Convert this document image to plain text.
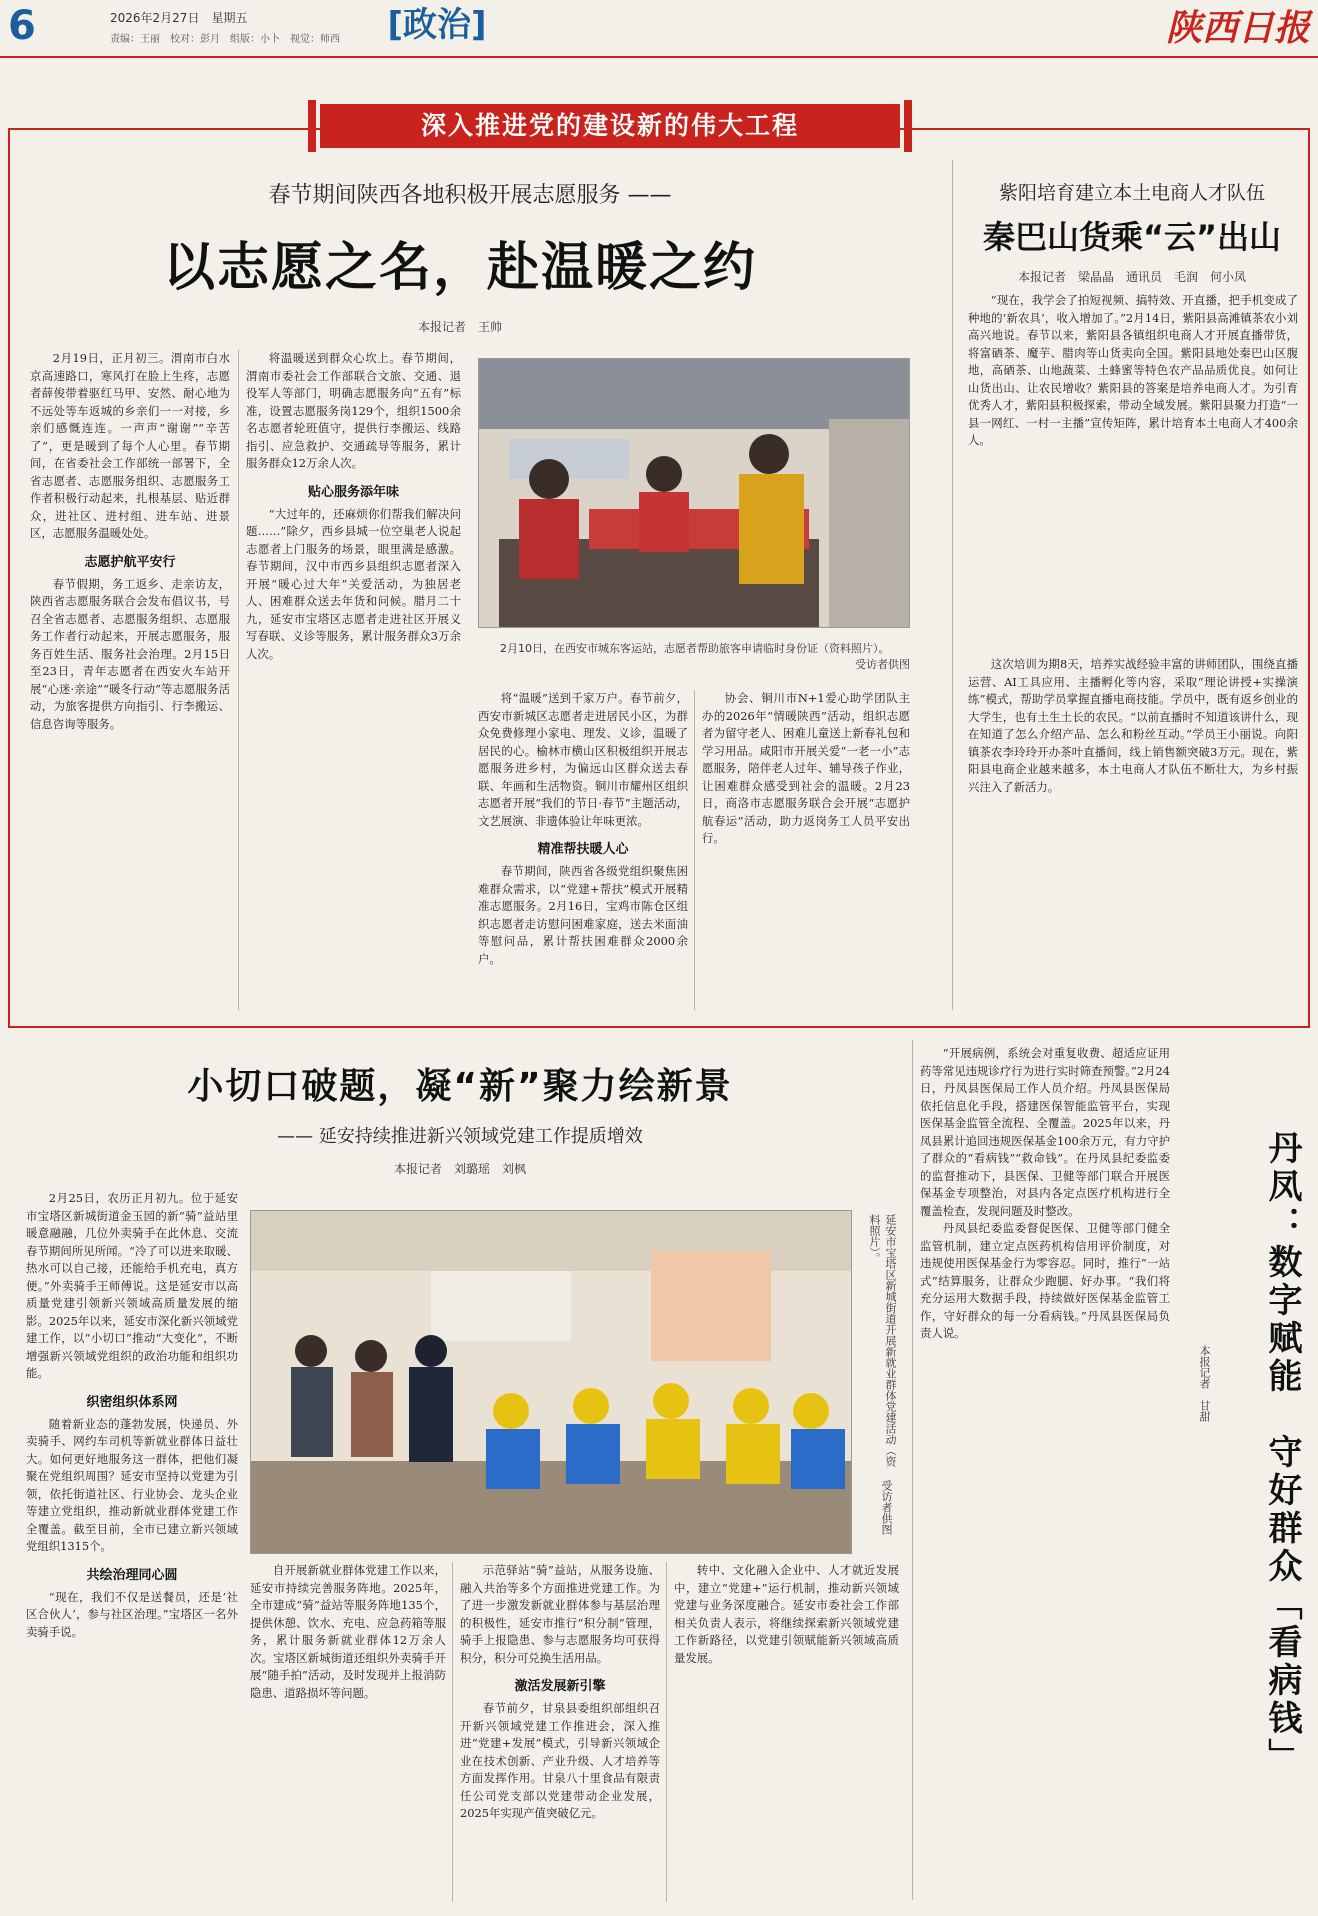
6	2026年2月27日　星期五
责编：王丽　校对：彭月　组版：小卜　视觉：师西 [政治]	陕西日报
深入推进党的建设新的伟大工程
春节期间陕西各地积极开展志愿服务 ——
以志愿之名，赴温暖之约
本报记者　王帅

2月19日，正月初三。渭南市白水京高速路口，寒风打在脸上生疼，志愿者薛俊带着驱红马甲、安然、耐心地为不远处等车返城的乡亲们一一对接，乡亲们感慨连连。一声声“谢谢”“辛苦了”，更是暖到了每个人心里。春节期间，在省委社会工作部统一部署下，全省志愿者、志愿服务组织、志愿服务工作者积极行动起来，扎根基层、贴近群众，进社区、进村组、进车站、进景区，志愿服务温暖处处。

志愿护航平安行

春节假期，务工返乡、走亲访友，陕西省志愿服务联合会发布倡议书，号召全省志愿者、志愿服务组织、志愿服务工作者行动起来，开展志愿服务，服务百姓生活、服务社会治理。2月15日至23日，青年志愿者在西安火车站开展“心迷·亲途”“暖冬行动”等志愿服务活动，为旅客提供方向指引、行李搬运、信息咨询等服务。

将温暖送到群众心坎上。春节期间，渭南市委社会工作部联合文旅、交通、退役军人等部门，明确志愿服务向“五有”标准，设置志愿服务岗129个，组织1500余名志愿者轮班值守，提供行李搬运、线路指引、应急救护、交通疏导等服务，累计服务群众12万余人次。

贴心服务添年味

“大过年的，还麻烦你们帮我们解决问题……”除夕，西乡县城一位空巢老人说起志愿者上门服务的场景，眼里满是感激。春节期间，汉中市西乡县组织志愿者深入开展“暖心过大年”关爱活动，为独居老人、困难群众送去年货和问候。腊月二十九，延安市宝塔区志愿者走进社区开展义写春联、义诊等服务，累计服务群众3万余人次。	2月10日，在西安市城东客运站，志愿者帮助旅客申请临时身份证（资料照片）。
受访者供图

将“温暖”送到千家万户。春节前夕，西安市新城区志愿者走进居民小区，为群众免费修理小家电、理发、义诊，温暖了居民的心。榆林市横山区积极组织开展志愿服务进乡村，为偏远山区群众送去春联、年画和生活物资。铜川市耀州区组织志愿者开展“我们的节日·春节”主题活动，文艺展演、非遗体验让年味更浓。

精准帮扶暖人心

春节期间，陕西省各级党组织聚焦困难群众需求，以“党建+帮扶”模式开展精准志愿服务。2月16日，宝鸡市陈仓区组织志愿者走访慰问困难家庭，送去米面油等慰问品，累计帮扶困难群众2000余户。

协会、铜川市N+1爱心助学团队主办的2026年“情暖陕西”活动，组织志愿者为留守老人、困难儿童送上新春礼包和学习用品。咸阳市开展关爱“一老一小”志愿服务，陪伴老人过年、辅导孩子作业，让困难群众感受到社会的温暖。2月23日，商洛市志愿服务联合会开展“志愿护航春运”活动，助力返岗务工人员平安出行。

紫阳培育建立本土电商人才队伍
秦巴山货乘“云”出山
本报记者　梁晶晶　通讯员　毛润　何小凤

“现在，我学会了拍短视频、搞特效、开直播，把手机变成了种地的‘新农具’，收入增加了。”2月14日，紫阳县高滩镇茶农小刘高兴地说。春节以来，紫阳县各镇组织电商人才开展直播带货，将富硒茶、魔芋、腊肉等山货卖向全国。紫阳县地处秦巴山区腹地，高硒茶、山地蔬菜、土蜂蜜等特色农产品品质优良。如何让山货出山、让农民增收？紫阳县的答案是培养电商人才。为引育优秀人才，紫阳县积极探索，带动全域发展。紫阳县聚力打造“一县一网红、一村一主播”宣传矩阵，累计培育本土电商人才400余人。

这次培训为期8天，培养实战经验丰富的讲师团队，围绕直播运营、AI工具应用、主播孵化等内容，采取“理论讲授+实操演练”模式，帮助学员掌握直播电商技能。学员中，既有返乡创业的大学生，也有土生土长的农民。“以前直播时不知道该讲什么，现在知道了怎么介绍产品、怎么和粉丝互动。”学员王小丽说。向阳镇茶农李玲玲开办茶叶直播间，线上销售额突破3万元。现在，紫阳县电商企业越来越多，本土电商人才队伍不断壮大，为乡村振兴注入了新活力。

小切口破题，凝“新”聚力绘新景
—— 延安持续推进新兴领域党建工作提质增效
本报记者　刘璐瑶　刘枫

2月25日，农历正月初九。位于延安市宝塔区新城街道金玉园的新“骑”益站里暖意融融，几位外卖骑手在此休息、交流春节期间所见所闻。“冷了可以进来取暖、热水可以自己接，还能给手机充电，真方便。”外卖骑手王师傅说。这是延安市以高质量党建引领新兴领域高质量发展的缩影。2025年以来，延安市深化新兴领域党建工作，以“小切口”推动“大变化”，不断增强新兴领域党组织的政治功能和组织功能。

织密组织体系网

随着新业态的蓬勃发展，快递员、外卖骑手、网约车司机等新就业群体日益壮大。如何更好地服务这一群体，把他们凝聚在党组织周围？延安市坚持以党建为引领，依托街道社区、行业协会、龙头企业等建立党组织，推动新就业群体党建工作全覆盖。截至目前，全市已建立新兴领域党组织1315个。

共绘治理同心圆

“现在，我们不仅是送餐员，还是‘社区合伙人’，参与社区治理。”宝塔区一名外卖骑手说。

延安市宝塔区新城街道开展新就业群体党建活动（资料照片）。
受访者供图

自开展新就业群体党建工作以来，延安市持续完善服务阵地。2025年，全市建成“骑”益站等服务阵地135个，提供休憩、饮水、充电、应急药箱等服务，累计服务新就业群体12万余人次。宝塔区新城街道还组织外卖骑手开展“随手拍”活动，及时发现并上报消防隐患、道路损坏等问题。

示范驿站“骑”益站，从服务设施、融入共治等多个方面推进党建工作。为了进一步激发新就业群体参与基层治理的积极性，延安市推行“积分制”管理，骑手上报隐患、参与志愿服务均可获得积分，积分可兑换生活用品。

激活发展新引擎

春节前夕，甘泉县委组织部组织召开新兴领域党建工作推进会，深入推进“党建+发展”模式，引导新兴领域企业在技术创新、产业升级、人才培养等方面发挥作用。甘泉八十里食品有限责任公司党支部以党建带动企业发展，2025年实现产值突破亿元。

转中、文化融入企业中、人才就近发展中，建立“党建+”运行机制，推动新兴领域党建与业务深度融合。延安市委社会工作部相关负责人表示，将继续探索新兴领域党建工作新路径，以党建引领赋能新兴领域高质量发展。

“开展病例，系统会对重复收费、超适应证用药等常见违规诊疗行为进行实时筛查预警。”2月24日，丹凤县医保局工作人员介绍。丹凤县医保局依托信息化手段，搭建医保智能监管平台，实现医保基金监管全流程、全覆盖。2025年以来，丹凤县累计追回违规医保基金100余万元，有力守护了群众的“看病钱”“救命钱”。在丹凤县纪委监委的监督推动下，县医保、卫健等部门联合开展医保基金专项整治，对县内各定点医疗机构进行全覆盖检查，发现问题及时整改。

丹凤县纪委监委督促医保、卫健等部门健全监管机制，建立定点医药机构信用评价制度，对违规使用医保基金行为零容忍。同时，推行“一站式”结算服务，让群众少跑腿、好办事。“我们将充分运用大数据手段，持续做好医保基金监管工作，守好群众的每一分看病钱。”丹凤县医保局负责人说。

本报记者　甘甜 丹凤：数字赋能　守好群众「看病钱」
